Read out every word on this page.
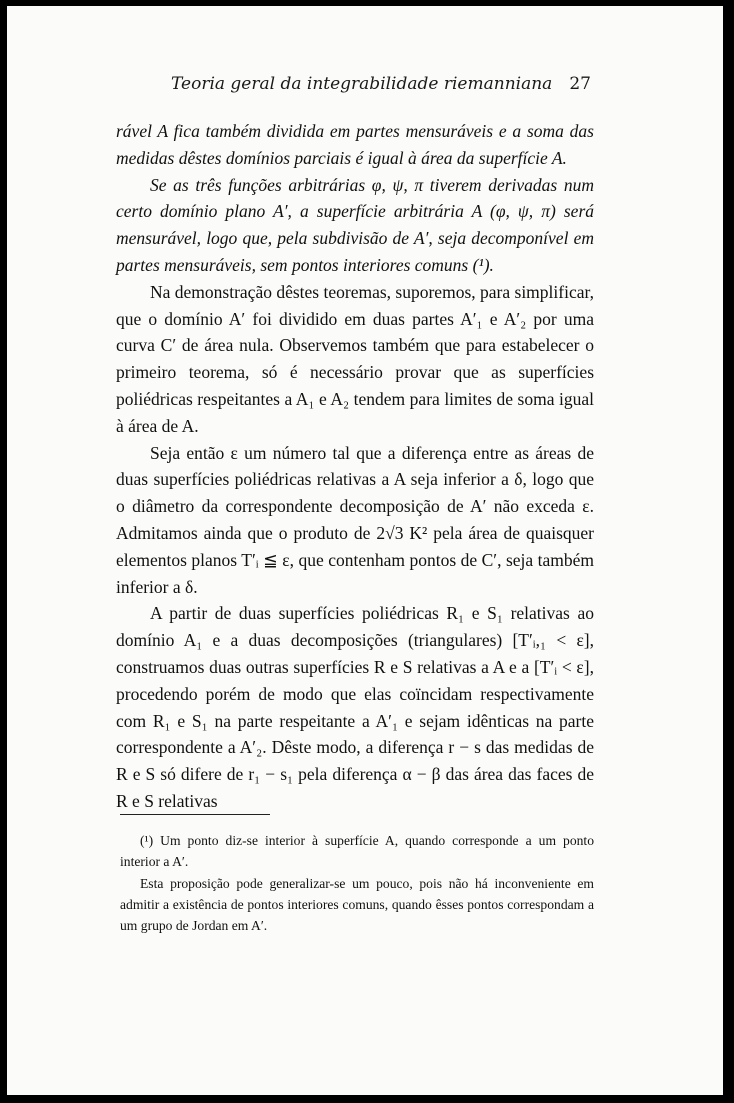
Teoria geral da integrabilidade riemanniana 27

rável A fica também dividida em partes mensuráveis e a soma das medidas dêstes domínios parciais é igual à área da superfície A.

Se as três funções arbitrárias φ, ψ, π tiverem derivadas num certo domínio plano A′, a superfície arbitrária A (φ, ψ, π) será mensurável, logo que, pela subdivisão de A′, seja decomponível em partes mensuráveis, sem pontos interiores comuns (¹).

Na demonstração dêstes teoremas, suporemos, para simplificar, que o domínio A′ foi dividido em duas partes A′₁ e A′₂ por uma curva C′ de área nula. Observemos também que para estabelecer o primeiro teorema, só é necessário provar que as superfícies poliédricas respeitantes a A₁ e A₂ tendem para limites de soma igual à área de A.

Seja então ε um número tal que a diferença entre as áreas de duas superfícies poliédricas relativas a A seja inferior a δ, logo que o diâmetro da correspondente decomposição de A′ não exceda ε. Admitamos ainda que o produto de 2√3 K² pela área de quaisquer elementos planos T′ᵢ ≦ ε, que contenham pontos de C′, seja também inferior a δ.

A partir de duas superfícies poliédricas R₁ e S₁ relativas ao domínio A₁ e a duas decomposições (triangulares) [T′ᵢ,₁ < ε], construamos duas outras superfícies R e S relativas a A e a [T′ᵢ < ε], procedendo porém de modo que elas coïncidam respectivamente com R₁ e S₁ na parte respeitante a A′₁ e sejam idênticas na parte correspondente a A′₂. Dêste modo, a diferença r − s das medidas de R e S só difere de r₁ − s₁ pela diferença α − β das área das faces de R e S relativas

(¹) Um ponto diz-se interior à superfície A, quando corresponde a um ponto interior a A′.

Esta proposição pode generalizar-se um pouco, pois não há inconveniente em admitir a existência de pontos interiores comuns, quando êsses pontos correspondam a um grupo de Jordan em A′.
